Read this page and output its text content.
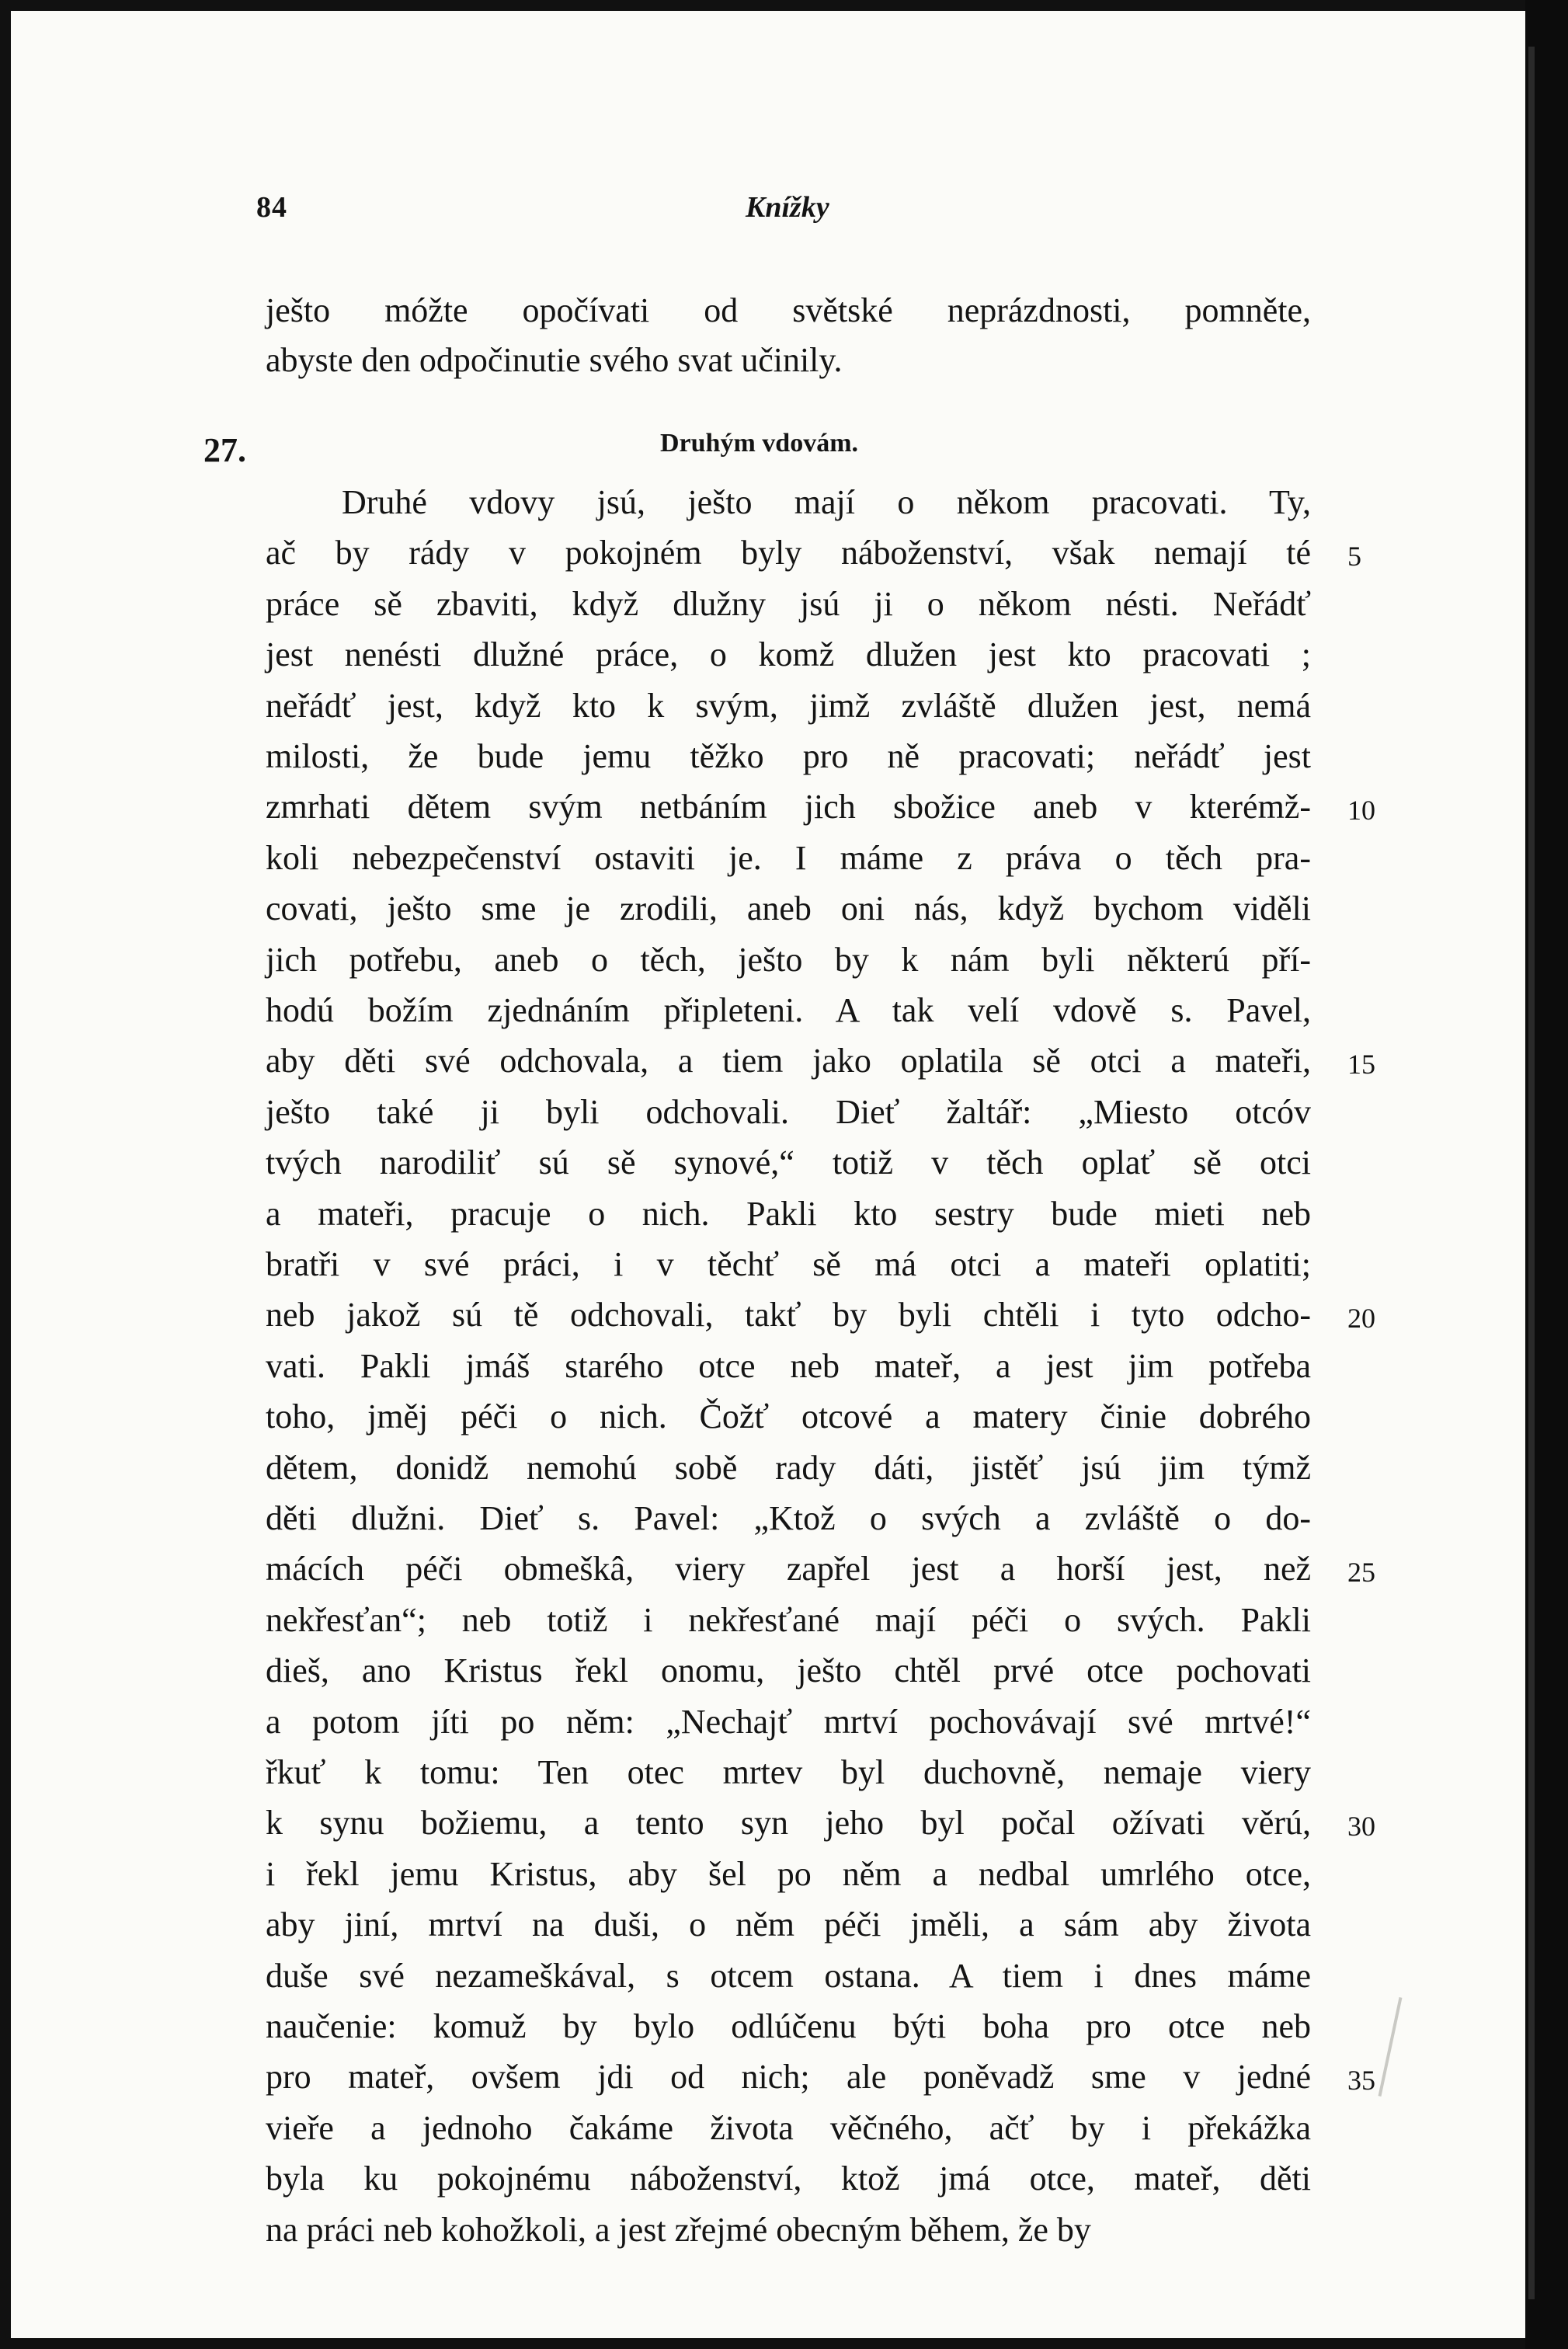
84	Knížky
ješto móžte opočívati od světské neprázdnosti, pomněte,
abyste den odpočinutie svého svat učinily.
27.	Druhým vdovám.
Druhé vdovy jsú, ješto mají o někom pracovati. Ty,
ač by rády v pokojném byly náboženství, však nemají té
práce sě zbaviti, když dlužny jsú ji o někom nésti. Neřádť
jest nenésti dlužné práce, o komž dlužen jest kto pracovati ;
neřádť jest, když kto k svým, jimž zvláště dlužen jest, nemá
milosti, že bude jemu těžko pro ně pracovati; neřádť jest
zmrhati dětem svým netbáním jich sbožice aneb v kterémž-
koli nebezpečenství ostaviti je. I máme z práva o těch pra-
covati, ješto sme je zrodili, aneb oni nás, když bychom viděli
jich potřebu, aneb o těch, ješto by k nám byli některú pří-
hodú božím zjednáním připleteni. A tak velí vdově s. Pavel,
aby děti své odchovala, a tiem jako oplatila sě otci a mateři,
ješto také ji byli odchovali. Dieť žaltář: „Miesto otcóv
tvých narodiliť sú sě synové,“ totiž v těch oplať sě otci
a mateři, pracuje o nich. Pakli kto sestry bude mieti neb
bratři v své práci, i v těchť sě má otci a mateři oplatiti;
neb jakož sú tě odchovali, takť by byli chtěli i tyto odcho-
vati. Pakli jmáš starého otce neb mateř, a jest jim potřeba
toho, jměj péči o nich. Čožť otcové a matery činie dobrého
dětem, donidž nemohú sobě rady dáti, jistěť jsú jim týmž
děti dlužni. Dieť s. Pavel: „Ktož o svých a zvláště o do-
mácích péči obmeškâ, viery zapřel jest a horší jest, než
nekřesťan“; neb totiž i nekřesťané mají péči o svých. Pakli
dieš, ano Kristus řekl onomu, ješto chtěl prvé otce pochovati
a potom jíti po něm: „Nechajť mrtví pochovávají své mrtvé!“
řkuť k tomu: Ten otec mrtev byl duchovně, nemaje viery
k synu božiemu, a tento syn jeho byl počal ožívati věrú,
i řekl jemu Kristus, aby šel po něm a nedbal umrlého otce,
aby jiní, mrtví na duši, o něm péči jměli, a sám aby života
duše své nezameškával, s otcem ostana. A tiem i dnes máme
naučenie: komuž by bylo odlúčenu býti boha pro otce neb
pro mateř, ovšem jdi od nich; ale poněvadž sme v jedné
vieře a jednoho čakáme života věčného, ačť by i překážka
byla ku pokojnému náboženství, ktož jmá otce, mateř, děti
na práci neb kohožkoli, a jest zřejmé obecným během, že by
5
10
15
20
25
30
35
